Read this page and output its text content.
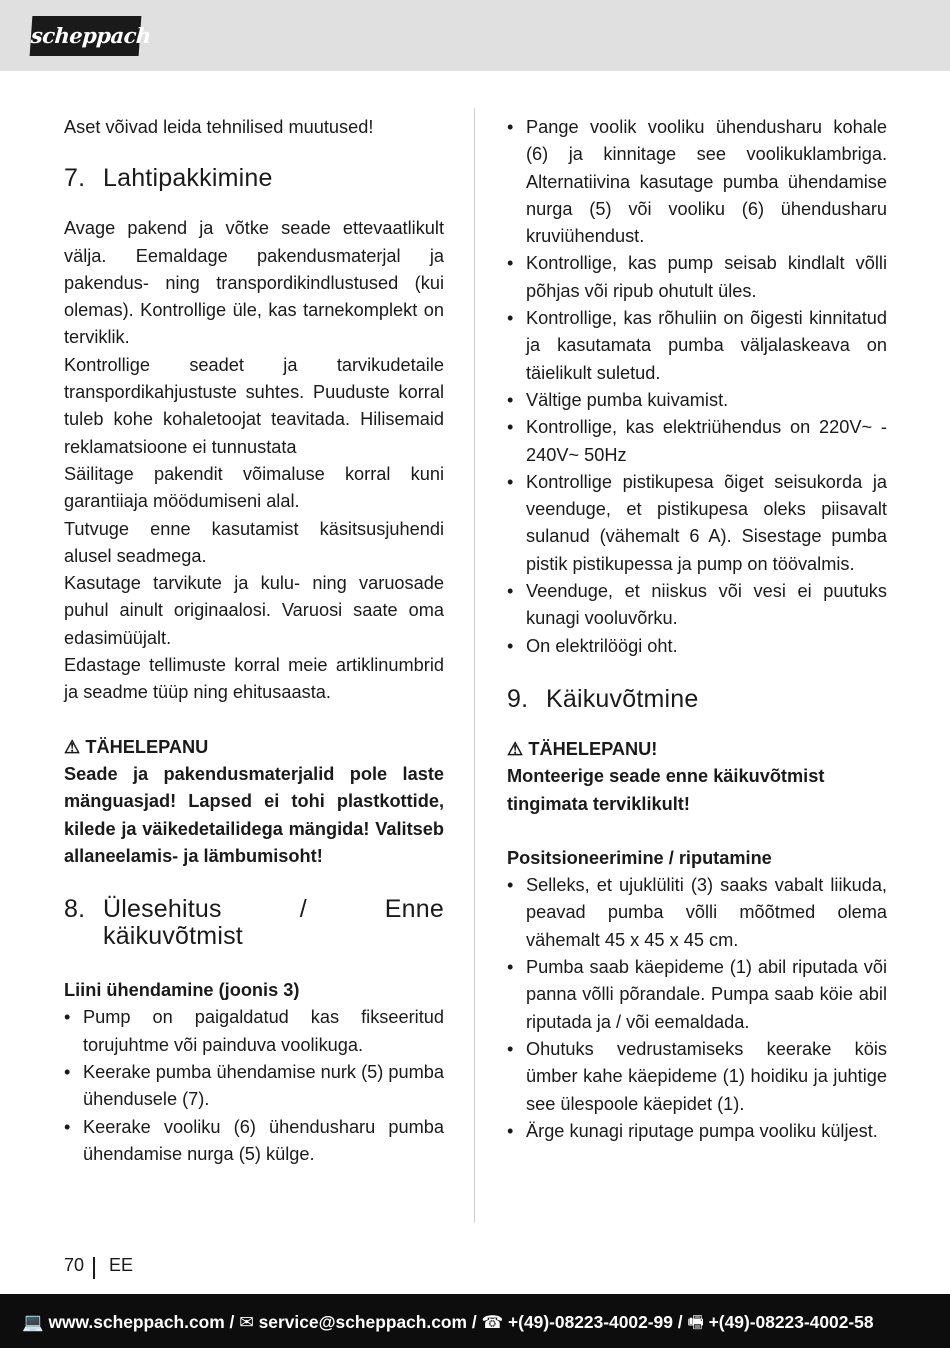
scheppach

Aset võivad leida tehnilised muutused!

7. Lahtipakkimine

Avage pakend ja võtke seade ettevaatlikult välja. Eemaldage pakendusmaterjal ja pakendus- ning transpordikindlustused (kui olemas). Kontrollige üle, kas tarnekomplekt on terviklik.

Kontrollige seadet ja tarvikudetaile transpordikahjustuste suhtes. Puuduste korral tuleb kohe kohaletoojat teavitada. Hilisemaid reklamatsioone ei tunnustata

Säilitage pakendit võimaluse korral kuni garantiiaja möödumiseni alal.

Tutvuge enne kasutamist käsitsusjuhendi alusel seadmega.

Kasutage tarvikute ja kulu- ning varuosade puhul ainult originaalosi. Varuosi saate oma edasimüüjalt.

Edastage tellimuste korral meie artiklinumbrid ja seadme tüüp ning ehitusaasta.

⚠ TÄHELEPANU

Seade ja pakendusmaterjalid pole laste mänguasjad! Lapsed ei tohi plastkottide, kilede ja väikedetailidega mängida! Valitseb allaneelamis- ja lämbumisoht!

8. Ülesehitus / Enne käikuvõtmist
Liini ühendamine (joonis 3)
• Pump on paigaldatud kas fikseeritud torujuhtme või painduva voolikuga.
• Keerake pumba ühendamise nurk (5) pumba ühendusele (7).
• Keerake vooliku (6) ühendusharu pumba ühendamise nurga (5) külge.
• Pange voolik vooliku ühendusharu kohale (6) ja kinnitage see voolikuklambriga. Alternatiivina kasutage pumba ühendamise nurga (5) või vooliku (6) ühendusharu kruviühendust.
• Kontrollige, kas pump seisab kindlalt võlli põhjas või ripub ohutult üles.
• Kontrollige, kas rõhuliin on õigesti kinnitatud ja kasutamata pumba väljalaskeava on täielikult suletud.
• Vältige pumba kuivamist.
• Kontrollige, kas elektriühendus on 220V~ - 240V~ 50Hz
• Kontrollige pistikupesa õiget seisukorda ja veenduge, et pistikupesa oleks piisavalt sulanud (vähemalt 6 A). Sisestage pumba pistik pistikupessa ja pump on töövalmis.
• Veenduge, et niiskus või vesi ei puutuks kunagi vooluvõrku.
• On elektrilöögi oht.
9. Käikuvõtmine
⚠ TÄHELEPANU!

Monteerige seade enne käikuvõtmist tingimata terviklikult!

Positsioneerimine / riputamine
• Selleks, et ujuklüliti (3) saaks vabalt liikuda, peavad pumba võlli mõõtmed olema vähemalt 45 x 45 x 45 cm.
• Pumba saab käepideme (1) abil riputada või panna võlli põrandale. Pumpa saab köie abil riputada ja / või eemaldada.
• Ohutuks vedrustamiseks keerake köis ümber kahe käepideme (1) hoidiku ja juhtige see ülespoole käepidet (1).
• Ärge kunagi riputage pumpa vooliku küljest.
70 EE
💻 www.scheppach.com / ✉ service@scheppach.com / ☎ +(49)-08223-4002-99 / 🖷 +(49)-08223-4002-58
